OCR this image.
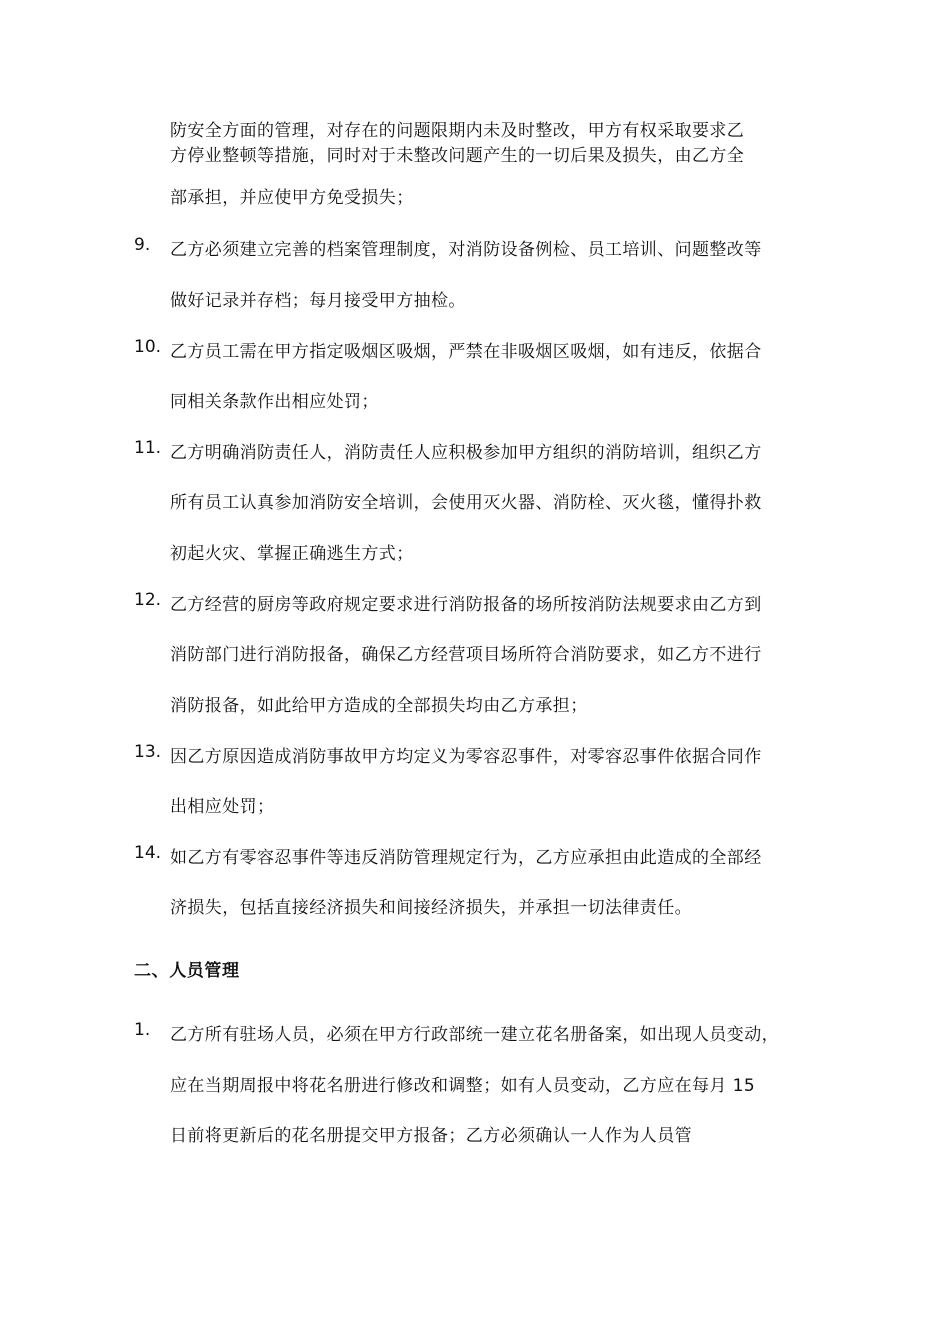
防安全方面的管理，对存在的问题限期内未及时整改，甲方有权采取要求乙
方停业整顿等措施，同时对于未整改问题产生的一切后果及损失，由乙方全
部承担，并应使甲方免受损失；
9. 乙方必须建立完善的档案管理制度，对消防设备例检、员工培训、问题整改等
做好记录并存档；每月接受甲方抽检。
10. 乙方员工需在甲方指定吸烟区吸烟，严禁在非吸烟区吸烟，如有违反，依据合
同相关条款作出相应处罚；
11. 乙方明确消防责任人，消防责任人应积极参加甲方组织的消防培训，组织乙方
所有员工认真参加消防安全培训，会使用灭火器、消防栓、灭火毯，懂得扑救
初起火灾、掌握正确逃生方式；
12. 乙方经营的厨房等政府规定要求进行消防报备的场所按消防法规要求由乙方到
消防部门进行消防报备，确保乙方经营项目场所符合消防要求，如乙方不进行
消防报备，如此给甲方造成的全部损失均由乙方承担；
13. 因乙方原因造成消防事故甲方均定义为零容忍事件，对零容忍事件依据合同作
出相应处罚；
14. 如乙方有零容忍事件等违反消防管理规定行为，乙方应承担由此造成的全部经
济损失，包括直接经济损失和间接经济损失，并承担一切法律责任。
二、人员管理
1. 乙方所有驻场人员，必须在甲方行政部统一建立花名册备案，如出现人员变动，
应在当期周报中将花名册进行修改和调整；如有人员变动，乙方应在每月 15
日前将更新后的花名册提交甲方报备；乙方必须确认一人作为人员管
